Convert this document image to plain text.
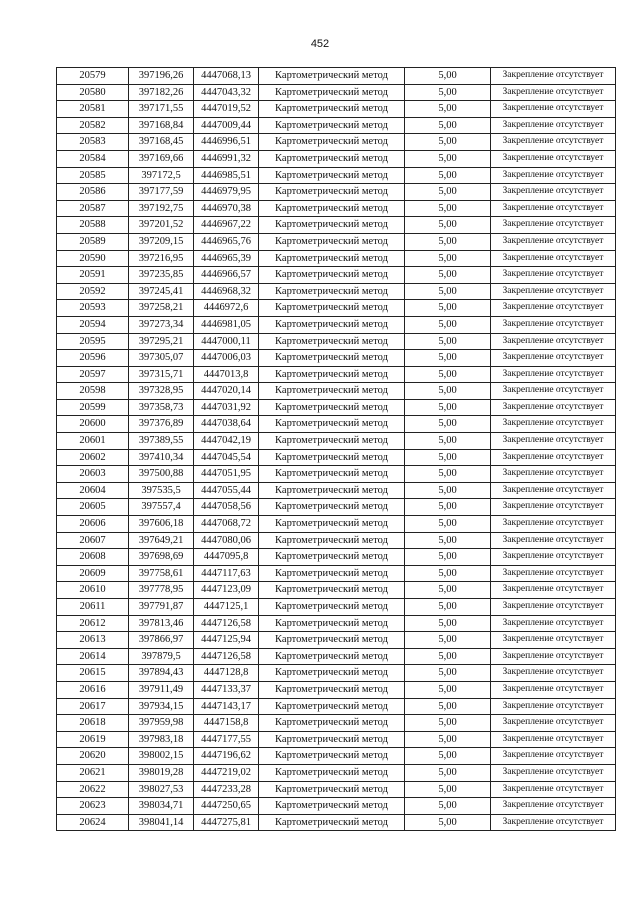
452
20579	397196,26	4447068,13	Картометрический метод	5,00	Закрепление отсутствует
20580	397182,26	4447043,32	Картометрический метод	5,00	Закрепление отсутствует
20581	397171,55	4447019,52	Картометрический метод	5,00	Закрепление отсутствует
20582	397168,84	4447009,44	Картометрический метод	5,00	Закрепление отсутствует
20583	397168,45	4446996,51	Картометрический метод	5,00	Закрепление отсутствует
20584	397169,66	4446991,32	Картометрический метод	5,00	Закрепление отсутствует
20585	397172,5	4446985,51	Картометрический метод	5,00	Закрепление отсутствует
20586	397177,59	4446979,95	Картометрический метод	5,00	Закрепление отсутствует
20587	397192,75	4446970,38	Картометрический метод	5,00	Закрепление отсутствует
20588	397201,52	4446967,22	Картометрический метод	5,00	Закрепление отсутствует
20589	397209,15	4446965,76	Картометрический метод	5,00	Закрепление отсутствует
20590	397216,95	4446965,39	Картометрический метод	5,00	Закрепление отсутствует
20591	397235,85	4446966,57	Картометрический метод	5,00	Закрепление отсутствует
20592	397245,41	4446968,32	Картометрический метод	5,00	Закрепление отсутствует
20593	397258,21	4446972,6	Картометрический метод	5,00	Закрепление отсутствует
20594	397273,34	4446981,05	Картометрический метод	5,00	Закрепление отсутствует
20595	397295,21	4447000,11	Картометрический метод	5,00	Закрепление отсутствует
20596	397305,07	4447006,03	Картометрический метод	5,00	Закрепление отсутствует
20597	397315,71	4447013,8	Картометрический метод	5,00	Закрепление отсутствует
20598	397328,95	4447020,14	Картометрический метод	5,00	Закрепление отсутствует
20599	397358,73	4447031,92	Картометрический метод	5,00	Закрепление отсутствует
20600	397376,89	4447038,64	Картометрический метод	5,00	Закрепление отсутствует
20601	397389,55	4447042,19	Картометрический метод	5,00	Закрепление отсутствует
20602	397410,34	4447045,54	Картометрический метод	5,00	Закрепление отсутствует
20603	397500,88	4447051,95	Картометрический метод	5,00	Закрепление отсутствует
20604	397535,5	4447055,44	Картометрический метод	5,00	Закрепление отсутствует
20605	397557,4	4447058,56	Картометрический метод	5,00	Закрепление отсутствует
20606	397606,18	4447068,72	Картометрический метод	5,00	Закрепление отсутствует
20607	397649,21	4447080,06	Картометрический метод	5,00	Закрепление отсутствует
20608	397698,69	4447095,8	Картометрический метод	5,00	Закрепление отсутствует
20609	397758,61	4447117,63	Картометрический метод	5,00	Закрепление отсутствует
20610	397778,95	4447123,09	Картометрический метод	5,00	Закрепление отсутствует
20611	397791,87	4447125,1	Картометрический метод	5,00	Закрепление отсутствует
20612	397813,46	4447126,58	Картометрический метод	5,00	Закрепление отсутствует
20613	397866,97	4447125,94	Картометрический метод	5,00	Закрепление отсутствует
20614	397879,5	4447126,58	Картометрический метод	5,00	Закрепление отсутствует
20615	397894,43	4447128,8	Картометрический метод	5,00	Закрепление отсутствует
20616	397911,49	4447133,37	Картометрический метод	5,00	Закрепление отсутствует
20617	397934,15	4447143,17	Картометрический метод	5,00	Закрепление отсутствует
20618	397959,98	4447158,8	Картометрический метод	5,00	Закрепление отсутствует
20619	397983,18	4447177,55	Картометрический метод	5,00	Закрепление отсутствует
20620	398002,15	4447196,62	Картометрический метод	5,00	Закрепление отсутствует
20621	398019,28	4447219,02	Картометрический метод	5,00	Закрепление отсутствует
20622	398027,53	4447233,28	Картометрический метод	5,00	Закрепление отсутствует
20623	398034,71	4447250,65	Картометрический метод	5,00	Закрепление отсутствует
20624	398041,14	4447275,81	Картометрический метод	5,00	Закрепление отсутствует
